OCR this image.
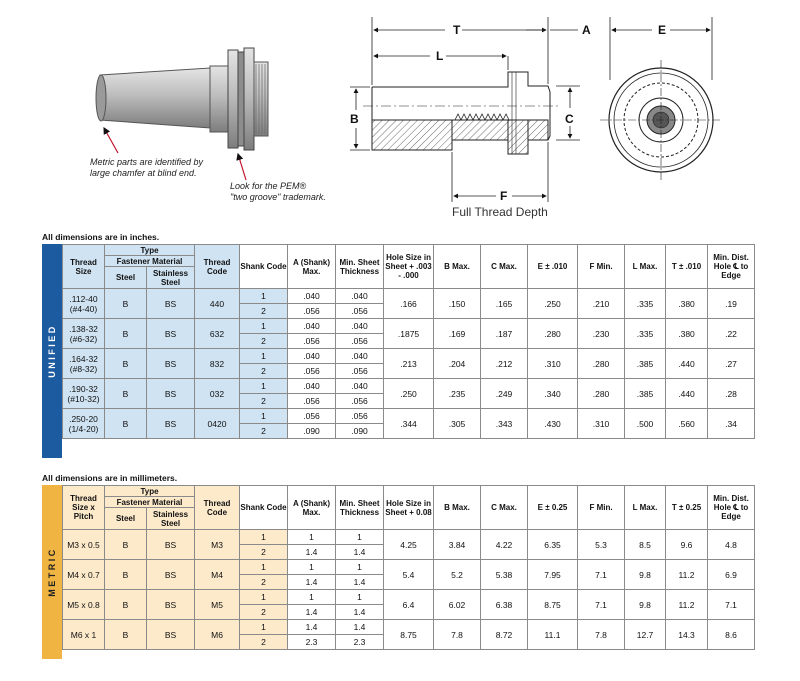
T	A
L
B	C
F
E
Metric parts are identified by
large chamfer at blind end.
Look for the PEM®
"two groove" trademark.
Full Thread Depth
All dimensions are in inches.
UNIFIED
Thread Size	Type		Thread Code	Shank Code	A (Shank) Max.	Min. Sheet Thickness	Hole Size in Sheet + .003 - .000	B Max.	C Max.	E ± .010	F Min.	L Max.	T ± .010	Min. Dist. Hole ℄ to Edge
	Fastener Material													
	Steel	Stainless Steel												

.112-40
(#4-40)	B	BS	440	1	.040	.040	.166	.150	.165	.250	.210	.335	.380	.19
				2	.056	.056								

.138-32
(#6-32)	B	BS	632	1	.040	.040	.1875	.169	.187	.280	.230	.335	.380	.22
				2	.056	.056								

.164-32
(#8-32)	B	BS	832	1	.040	.040	.213	.204	.212	.310	.280	.385	.440	.27
				2	.056	.056								

.190-32
(#10-32)	B	BS	032	1	.040	.040	.250	.235	.249	.340	.280	.385	.440	.28
				2	.056	.056								

.250-20
(1/4-20)	B	BS	0420	1	.056	.056	.344	.305	.343	.430	.310	.500	.560	.34
				2	.090	.090								
All dimensions are in millimeters.
METRIC
Thread Size x Pitch	Type		Thread Code	Shank Code	A (Shank) Max.	Min. Sheet Thickness	Hole Size in Sheet + 0.08	B Max.	C Max.	E ± 0.25	F Min.	L Max.	T ± 0.25	Min. Dist. Hole ℄ to Edge
	Fastener Material													
	Steel	Stainless Steel												
M3 x 0.5	B	BS	M3	1	1	1	4.25	3.84	4.22	6.35	5.3	8.5	9.6	4.8
				2	1.4	1.4								
M4 x 0.7	B	BS	M4	1	1	1	5.4	5.2	5.38	7.95	7.1	9.8	11.2	6.9
				2	1.4	1.4								
M5 x 0.8	B	BS	M5	1	1	1	6.4	6.02	6.38	8.75	7.1	9.8	11.2	7.1
				2	1.4	1.4								
M6 x 1	B	BS	M6	1	1.4	1.4	8.75	7.8	8.72	11.1	7.8	12.7	14.3	8.6
				2	2.3	2.3								
